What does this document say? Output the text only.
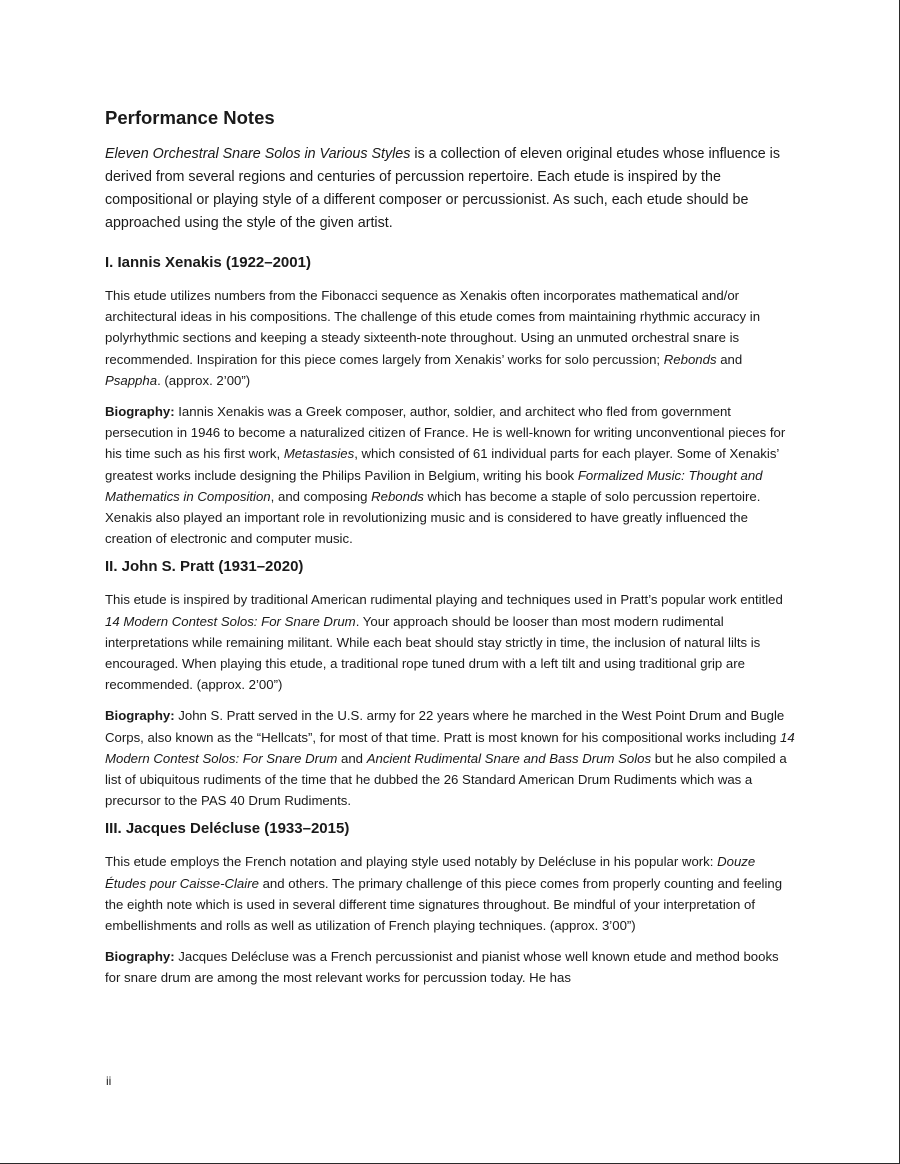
Performance Notes

Eleven Orchestral Snare Solos in Various Styles is a collection of eleven original etudes whose influence is derived from several regions and centuries of percussion repertoire. Each etude is inspired by the compositional or playing style of a different composer or percussionist. As such, each etude should be approached using the style of the given artist.

I. Iannis Xenakis (1922–2001)

This etude utilizes numbers from the Fibonacci sequence as Xenakis often incorporates mathematical and/or architectural ideas in his compositions. The challenge of this etude comes from maintaining rhythmic accuracy in polyrhythmic sections and keeping a steady sixteenth-note throughout. Using an unmuted orchestral snare is recommended. Inspiration for this piece comes largely from Xenakis’ works for solo percussion; Rebonds and Psappha. (approx. 2’00”)

Biography: Iannis Xenakis was a Greek composer, author, soldier, and architect who fled from government persecution in 1946 to become a naturalized citizen of France. He is well-known for writing unconventional pieces for his time such as his first work, Metastasies, which consisted of 61 individual parts for each player. Some of Xenakis’ greatest works include designing the Philips Pavilion in Belgium, writing his book Formalized Music: Thought and Mathematics in Composition, and composing Rebonds which has become a staple of solo percussion repertoire. Xenakis also played an important role in revolutionizing music and is considered to have greatly influenced the creation of electronic and computer music.

II. John S. Pratt (1931–2020)

This etude is inspired by traditional American rudimental playing and techniques used in Pratt’s popular work entitled 14 Modern Contest Solos: For Snare Drum. Your approach should be looser than most modern rudimental interpretations while remaining militant. While each beat should stay strictly in time, the inclusion of natural lilts is encouraged. When playing this etude, a traditional rope tuned drum with a left tilt and using traditional grip are recommended. (approx. 2’00”)

Biography: John S. Pratt served in the U.S. army for 22 years where he marched in the West Point Drum and Bugle Corps, also known as the “Hellcats”, for most of that time. Pratt is most known for his compositional works including 14 Modern Contest Solos: For Snare Drum and Ancient Rudimental Snare and Bass Drum Solos but he also compiled a list of ubiquitous rudiments of the time that he dubbed the 26 Standard American Drum Rudiments which was a precursor to the PAS 40 Drum Rudiments.

III. Jacques Delécluse (1933–2015)

This etude employs the French notation and playing style used notably by Delécluse in his popular work: Douze Études pour Caisse-Claire and others. The primary challenge of this piece comes from properly counting and feeling the eighth note which is used in several different time signatures throughout. Be mindful of your interpretation of embellishments and rolls as well as utilization of French playing techniques. (approx. 3’00”)

Biography: Jacques Delécluse was a French percussionist and pianist whose well known etude and method books for snare drum are among the most relevant works for percussion today. He has

ii
